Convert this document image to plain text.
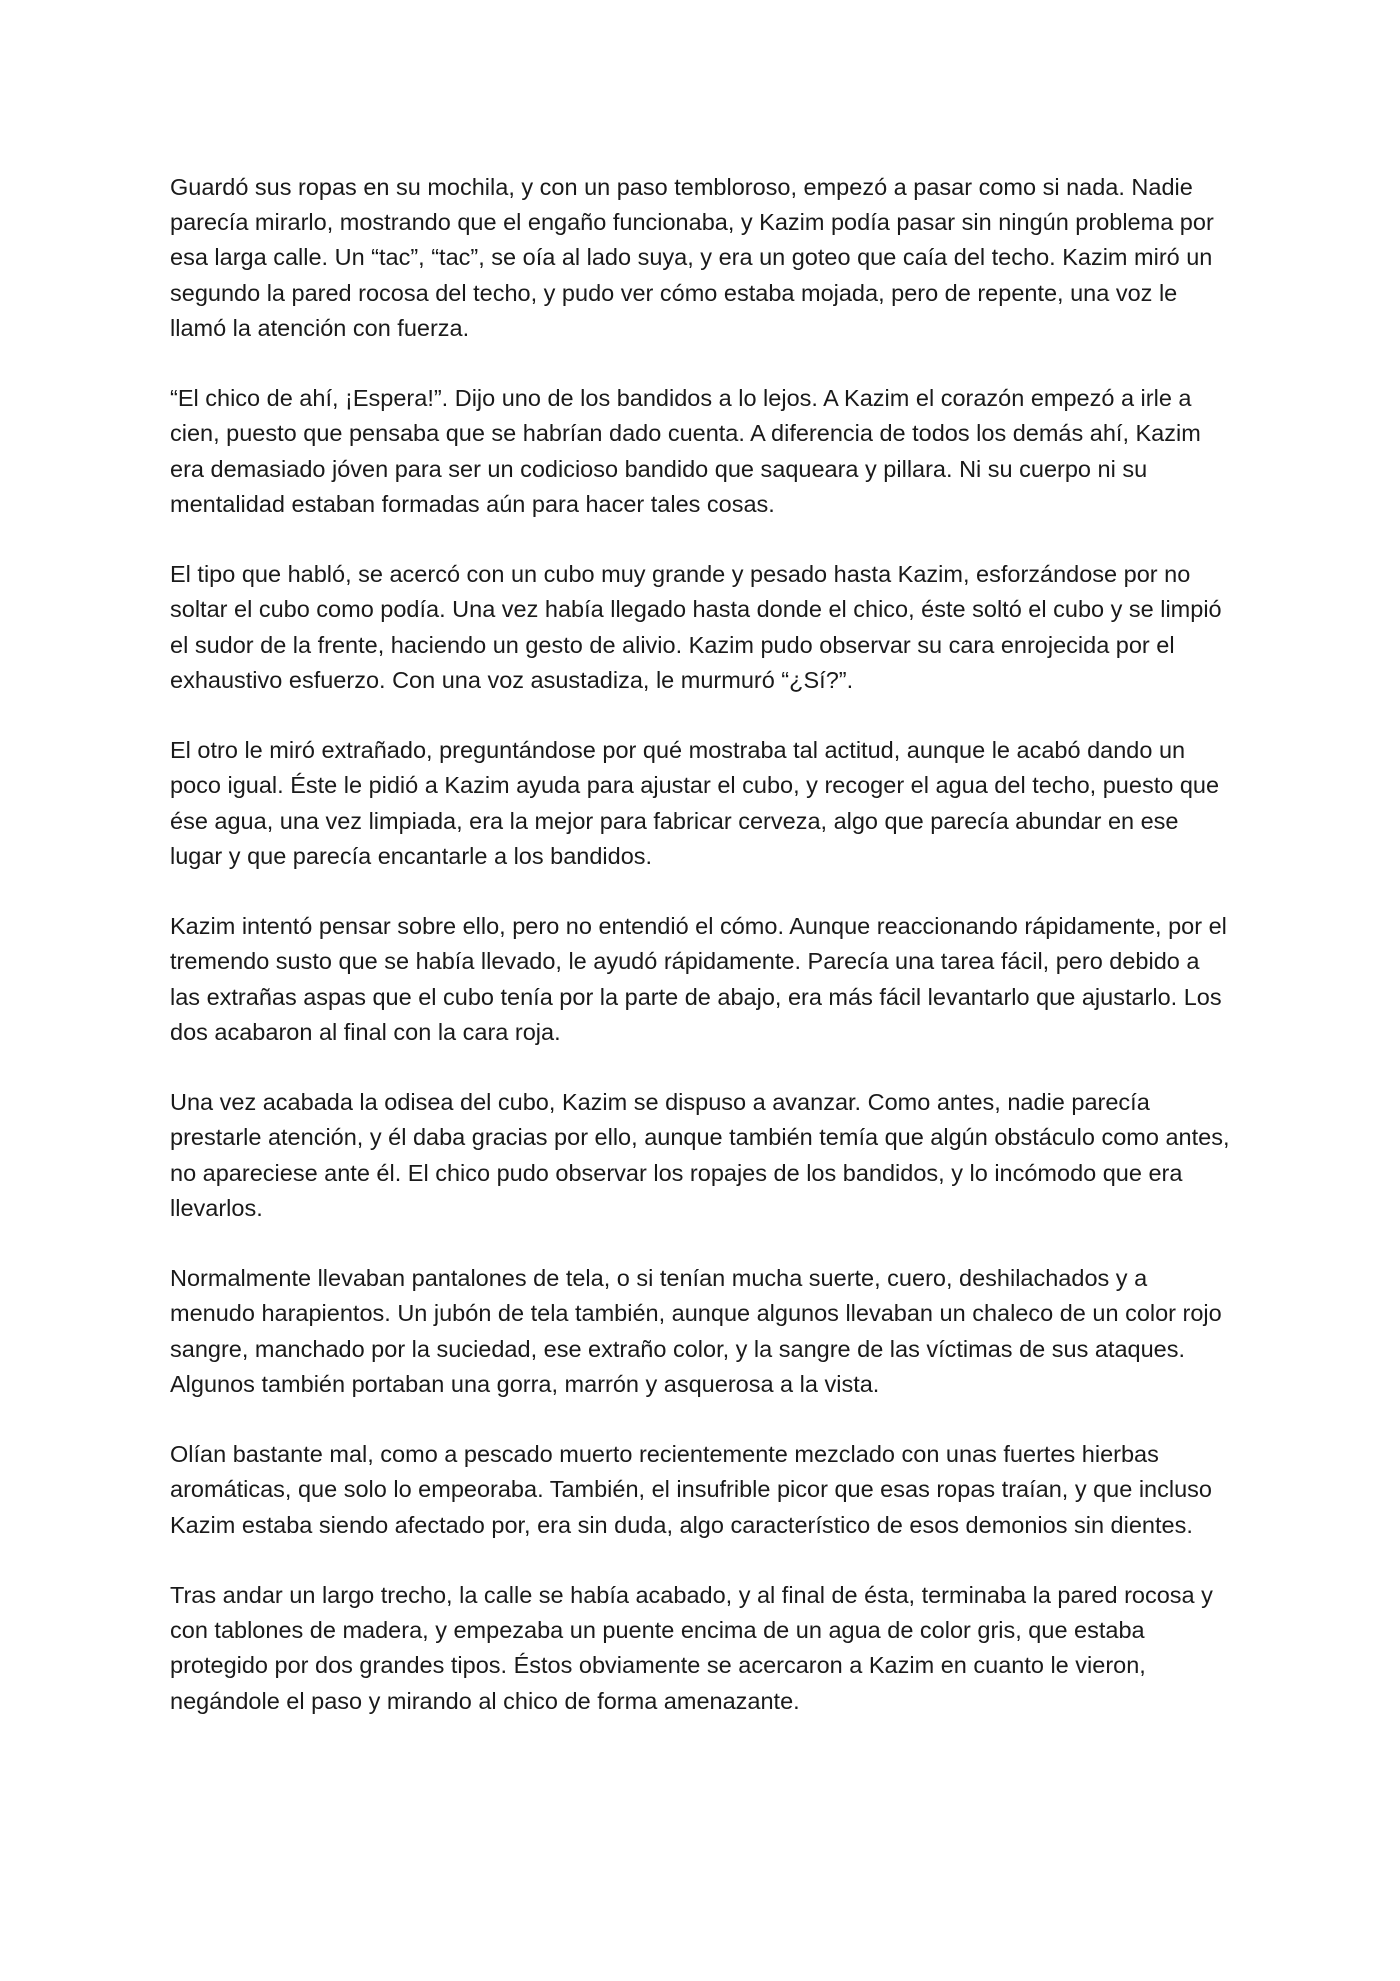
Guardó sus ropas en su mochila, y con un paso tembloroso, empezó a pasar como si nada. Nadie parecía mirarlo, mostrando que el engaño funcionaba, y Kazim podía pasar sin ningún problema por esa larga calle. Un “tac”, “tac”, se oía al lado suya, y era un goteo que caía del techo. Kazim miró un segundo la pared rocosa del techo, y pudo ver cómo estaba mojada, pero de repente, una voz le llamó la atención con fuerza.

“El chico de ahí, ¡Espera!”. Dijo uno de los bandidos a lo lejos. A Kazim el corazón empezó a irle a cien, puesto que pensaba que se habrían dado cuenta. A diferencia de todos los demás ahí, Kazim era demasiado jóven para ser un codicioso bandido que saqueara y pillara. Ni su cuerpo ni su mentalidad estaban formadas aún para hacer tales cosas.

El tipo que habló, se acercó con un cubo muy grande y pesado hasta Kazim, esforzándose por no soltar el cubo como podía. Una vez había llegado hasta donde el chico, éste soltó el cubo y se limpió el sudor de la frente, haciendo un gesto de alivio. Kazim pudo observar su cara enrojecida por el exhaustivo esfuerzo. Con una voz asustadiza, le murmuró “¿Sí?”.

El otro le miró extrañado, preguntándose por qué mostraba tal actitud, aunque le acabó dando un poco igual. Éste le pidió a Kazim ayuda para ajustar el cubo, y recoger el agua del techo, puesto que ése agua, una vez limpiada, era la mejor para fabricar cerveza, algo que parecía abundar en ese lugar y que parecía encantarle a los bandidos.

Kazim intentó pensar sobre ello, pero no entendió el cómo. Aunque reaccionando rápidamente, por el tremendo susto que se había llevado, le ayudó rápidamente. Parecía una tarea fácil, pero debido a las extrañas aspas que el cubo tenía por la parte de abajo, era más fácil levantarlo que ajustarlo. Los dos acabaron al final con la cara roja.

Una vez acabada la odisea del cubo, Kazim se dispuso a avanzar. Como antes, nadie parecía prestarle atención, y él daba gracias por ello, aunque también temía que algún obstáculo como antes, no apareciese ante él. El chico pudo observar los ropajes de los bandidos, y lo incómodo que era llevarlos.

Normalmente llevaban pantalones de tela, o si tenían mucha suerte, cuero, deshilachados y a menudo harapientos. Un jubón de tela también, aunque algunos llevaban un chaleco de un color rojo sangre, manchado por la suciedad, ese extraño color, y la sangre de las víctimas de sus ataques. Algunos también portaban una gorra, marrón y asquerosa a la vista.

Olían bastante mal, como a pescado muerto recientemente mezclado con unas fuertes hierbas aromáticas, que solo lo empeoraba. También, el insufrible picor que esas ropas traían, y que incluso Kazim estaba siendo afectado por, era sin duda, algo característico de esos demonios sin dientes.

Tras andar un largo trecho, la calle se había acabado, y al final de ésta, terminaba la pared rocosa y con tablones de madera, y empezaba un puente encima de un agua de color gris, que estaba protegido por dos grandes tipos. Éstos obviamente se acercaron a Kazim en cuanto le vieron, negándole el paso y mirando al chico de forma amenazante.
